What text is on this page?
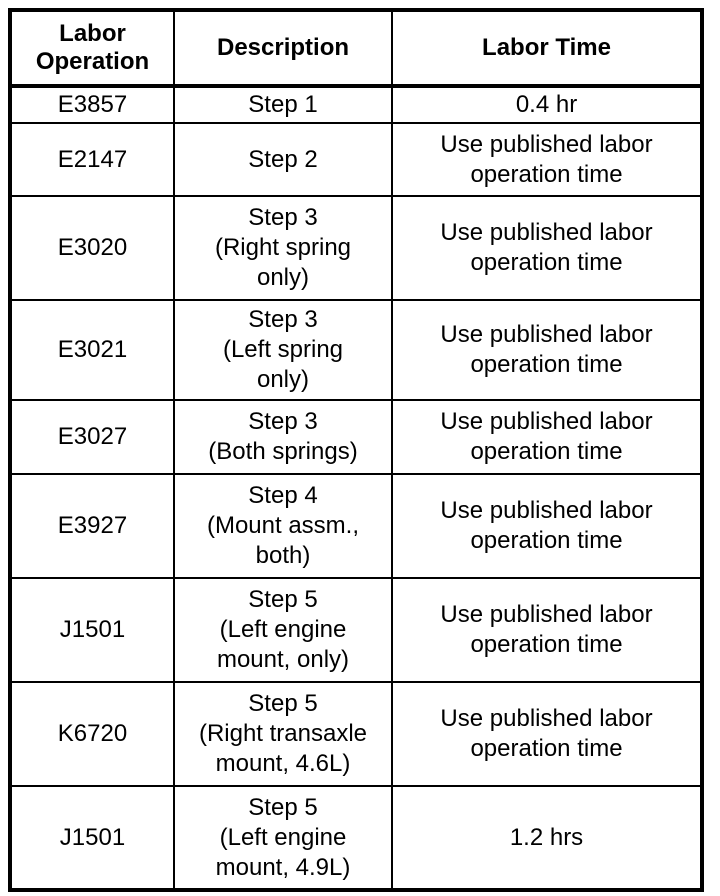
Labor
Operation	Description	Labor Time
E3857	Step 1	0.4 hr
E2147	Step 2	Use published labor
operation time
E3020	Step 3
(Right spring
only)	Use published labor
operation time
E3021	Step 3
(Left spring
only)	Use published labor
operation time
E3027	Step 3
(Both springs)	Use published labor
operation time
E3927	Step 4
(Mount assm.,
both)	Use published labor
operation time
J1501	Step 5
(Left engine
mount, only)	Use published labor
operation time
K6720	Step 5
(Right transaxle
mount, 4.6L)	Use published labor
operation time
J1501	Step 5
(Left engine
mount, 4.9L)	1.2 hrs
